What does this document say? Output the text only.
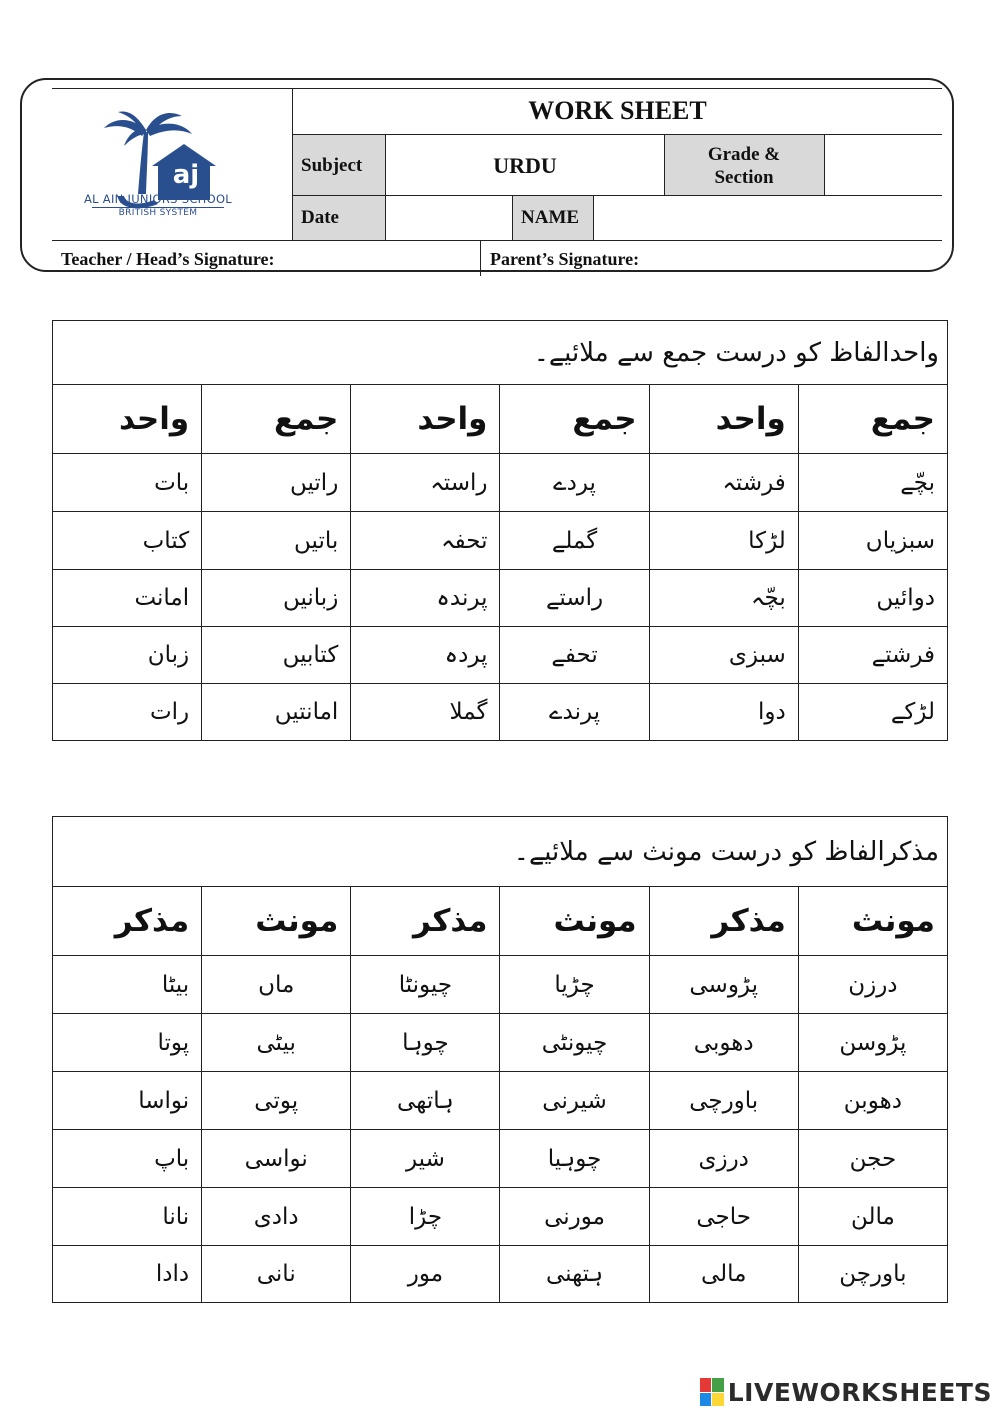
aj
AL AIN JUNIORS SCHOOL
BRITISH SYSTEM
WORK SHEET
Subject	URDU	Grade & Section
Date	NAME
Teacher / Head’s Signature:	Parent’s Signature:
واحدالفاظ کو درست جمع سے ملائیے۔					
واحد	جمع	واحد	جمع	واحد	جمع
بات	راتیں	راستہ	پردے	فرشتہ	بچّے
کتاب	باتیں	تحفہ	گملے	لڑکا	سبزیاں
امانت	زبانیں	پرندہ	راستے	بچّہ	دوائیں
زبان	کتابیں	پردہ	تحفے	سبزی	فرشتے
رات	امانتیں	گملا	پرندے	دوا	لڑکے
مذکرالفاظ کو درست مونث سے ملائیے۔					
مذکر	مونث	مذکر	مونث	مذکر	مونث
بیٹا	ماں	چیونٹا	چڑیا	پڑوسی	درزن
پوتا	بیٹی	چوہا	چیونٹی	دھوبی	پڑوسن
نواسا	پوتی	ہاتھی	شیرنی	باورچی	دھوبن
باپ	نواسی	شیر	چوہیا	درزی	حجن
نانا	دادی	چڑا	مورنی	حاجی	مالن
دادا	نانی	مور	ہتھنی	مالی	باورچن
LIVEWORKSHEETS
